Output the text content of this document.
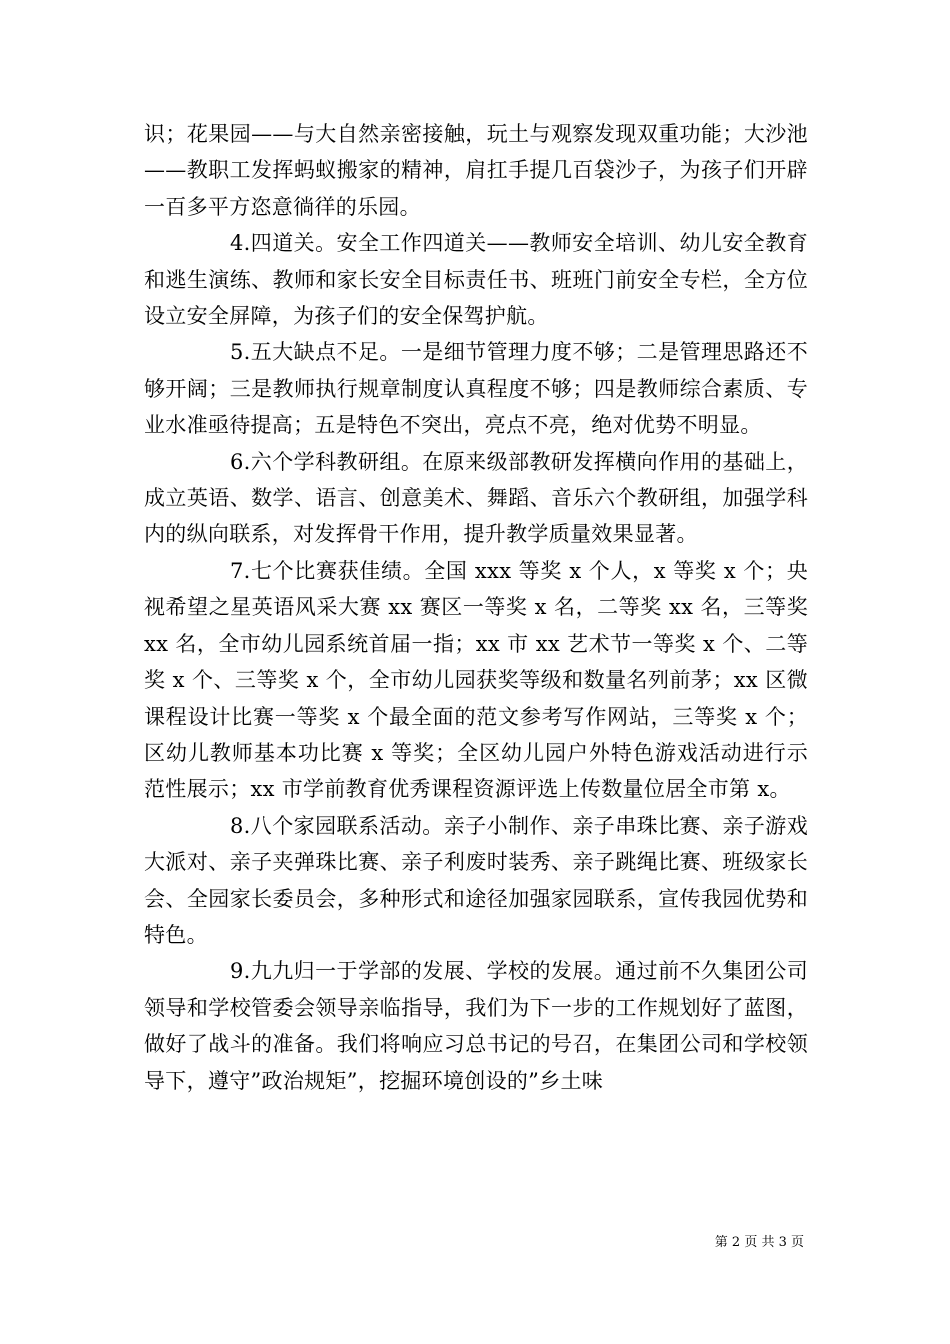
识；花果园——与大自然亲密接触，玩土与观察发现双重功能；大沙池——教职工发挥蚂蚁搬家的精神，肩扛手提几百袋沙子，为孩子们开辟一百多平方恣意徜徉的乐园。

4.四道关。安全工作四道关——教师安全培训、幼儿安全教育和逃生演练、教师和家长安全目标责任书、班班门前安全专栏，全方位设立安全屏障，为孩子们的安全保驾护航。

5.五大缺点不足。一是细节管理力度不够；二是管理思路还不够开阔；三是教师执行规章制度认真程度不够；四是教师综合素质、专业水准亟待提高；五是特色不突出，亮点不亮，绝对优势不明显。

6.六个学科教研组。在原来级部教研发挥横向作用的基础上，成立英语、数学、语言、创意美术、舞蹈、音乐六个教研组，加强学科内的纵向联系，对发挥骨干作用，提升教学质量效果显著。

7.七个比赛获佳绩。全国 xxx 等奖 x 个人，x 等奖 x 个；央视希望之星英语风采大赛 xx 赛区一等奖 x 名，二等奖 xx 名，三等奖 xx 名，全市幼儿园系统首届一指；xx 市 xx 艺术节一等奖 x 个、二等奖 x 个、三等奖 x 个，全市幼儿园获奖等级和数量名列前茅；xx 区微课程设计比赛一等奖 x 个最全面的范文参考写作网站，三等奖 x 个；区幼儿教师基本功比赛 x 等奖；全区幼儿园户外特色游戏活动进行示范性展示；xx 市学前教育优秀课程资源评选上传数量位居全市第 x。

8.八个家园联系活动。亲子小制作、亲子串珠比赛、亲子游戏大派对、亲子夹弹珠比赛、亲子利废时装秀、亲子跳绳比赛、班级家长会、全园家长委员会，多种形式和途径加强家园联系，宣传我园优势和特色。

9.九九归一于学部的发展、学校的发展。通过前不久集团公司领导和学校管委会领导亲临指导，我们为下一步的工作规划好了蓝图，做好了战斗的准备。我们将响应习总书记的号召，在集团公司和学校领导下，遵守”政治规矩”，挖掘环境创设的”乡土味

第 2 页 共 3 页
